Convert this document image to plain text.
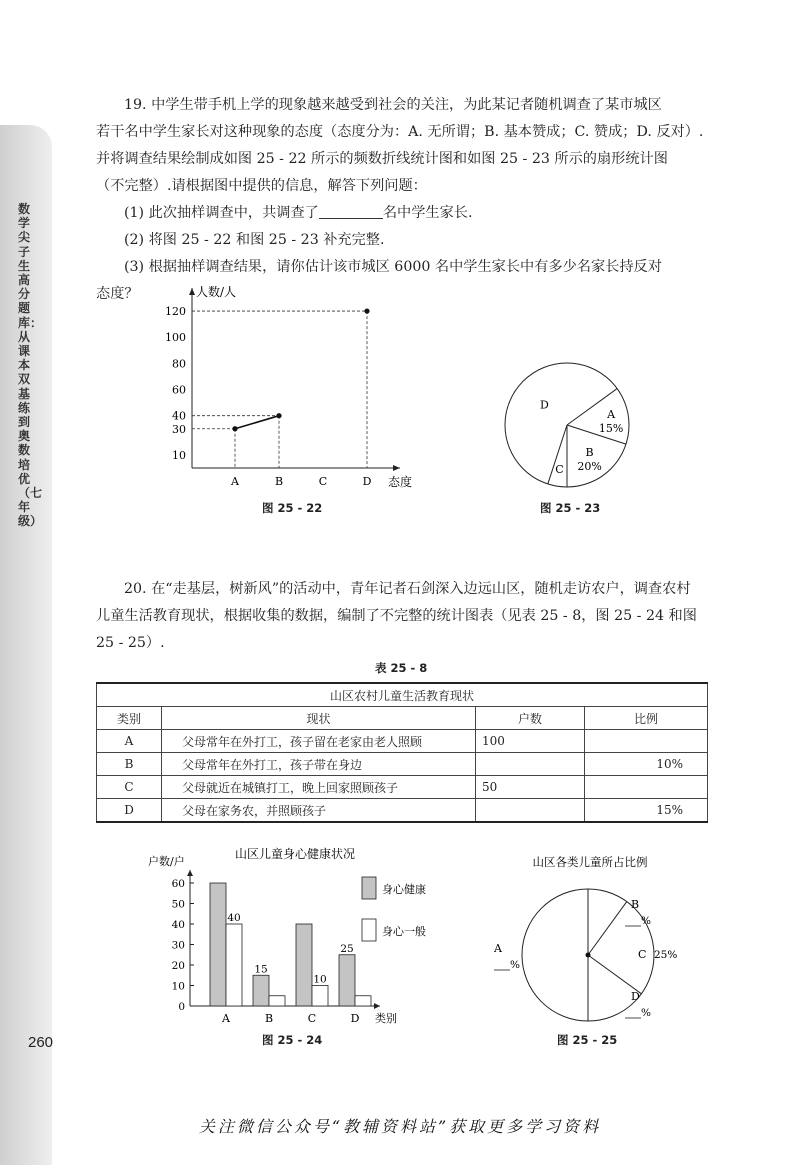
数学尖子生高分题库：从课本双基练到奥数培优（七年级）
260

19. 中学生带手机上学的现象越来越受到社会的关注，为此某记者随机调查了某市城区

若干名中学生家长对这种现象的态度（态度分为：A. 无所谓；B. 基本赞成；C. 赞成；D. 反对）.

并将调查结果绘制成如图 25 - 22 所示的频数折线统计图和如图 25 - 23 所示的扇形统计图

（不完整）.请根据图中提供的信息，解答下列问题：

(1) 此次抽样调查中，共调查了	名中学生家长.

(2) 将图 25 - 22 和图 25 - 23 补充完整.

(3) 根据抽样调查结果，请你估计该市城区 6000 名中学生家长中有多少名家长持反对

态度？	人数/人
态度
10
30
40
60
80
100
120
A	B	C	D
图 25 - 22
A
15%
B
20%
C
D
图 25 - 23

20. 在“走基层，树新风”的活动中，青年记者石剑深入边远山区，随机走访农户，调查农村

儿童生活教育现状，根据收集的数据，编制了不完整的统计图表（见表 25 - 8，图 25 - 24 和图

25 - 25）.

表 25 - 8
山区农村儿童生活教育现状			
类别	现状	户数	比例
A	父母常年在外打工，孩子留在老家由老人照顾	100	
B	父母常年在外打工，孩子带在身边		10%
C	父母就近在城镇打工，晚上回家照顾孩子	50	
D	父母在家务农，并照顾孩子		15%
山区儿童身心健康状况
户数/户
类别
0
10
20
30
40
50
60
A	B	C	D
15
25
身心健康
40
10
身心一般
图 25 - 24
山区各类儿童所占比例
A
%
B
%
C 25%
D
%
图 25 - 25
关注微信公众号“教辅资料站”获取更多学习资料
